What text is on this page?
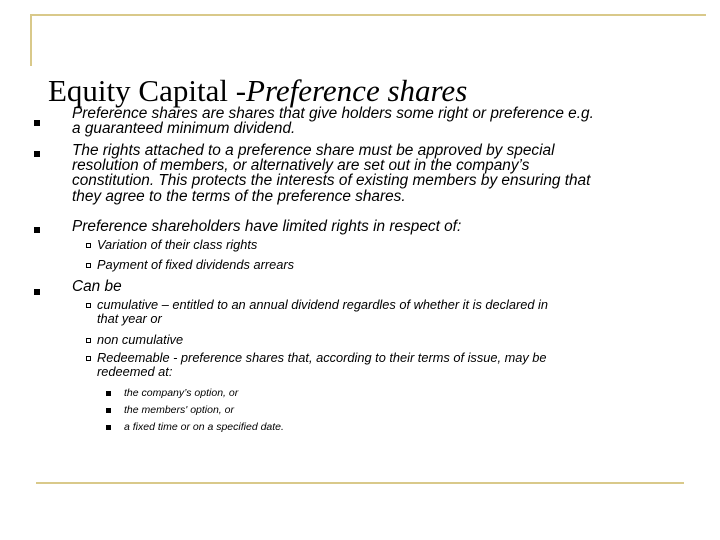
Equity Capital -Preference shares
Preference shares are shares that give holders some right or preference e.g.
a guaranteed minimum dividend.
The rights attached to a preference share must be approved by special
resolution of members, or alternatively are set out in the company’s
constitution. This protects the interests of existing members by ensuring that
they agree to the terms of the preference shares.
Preference shareholders have limited rights in respect of:
Variation of their class rights
Payment of fixed dividends arrears
Can be
cumulative – entitled to an annual dividend regardles of whether it is declared in
that year or
non cumulative
Redeemable - preference shares that, according to their terms of issue, may be
redeemed at:
the company’s option, or
the members' option, or
a fixed time or on a specified date.
